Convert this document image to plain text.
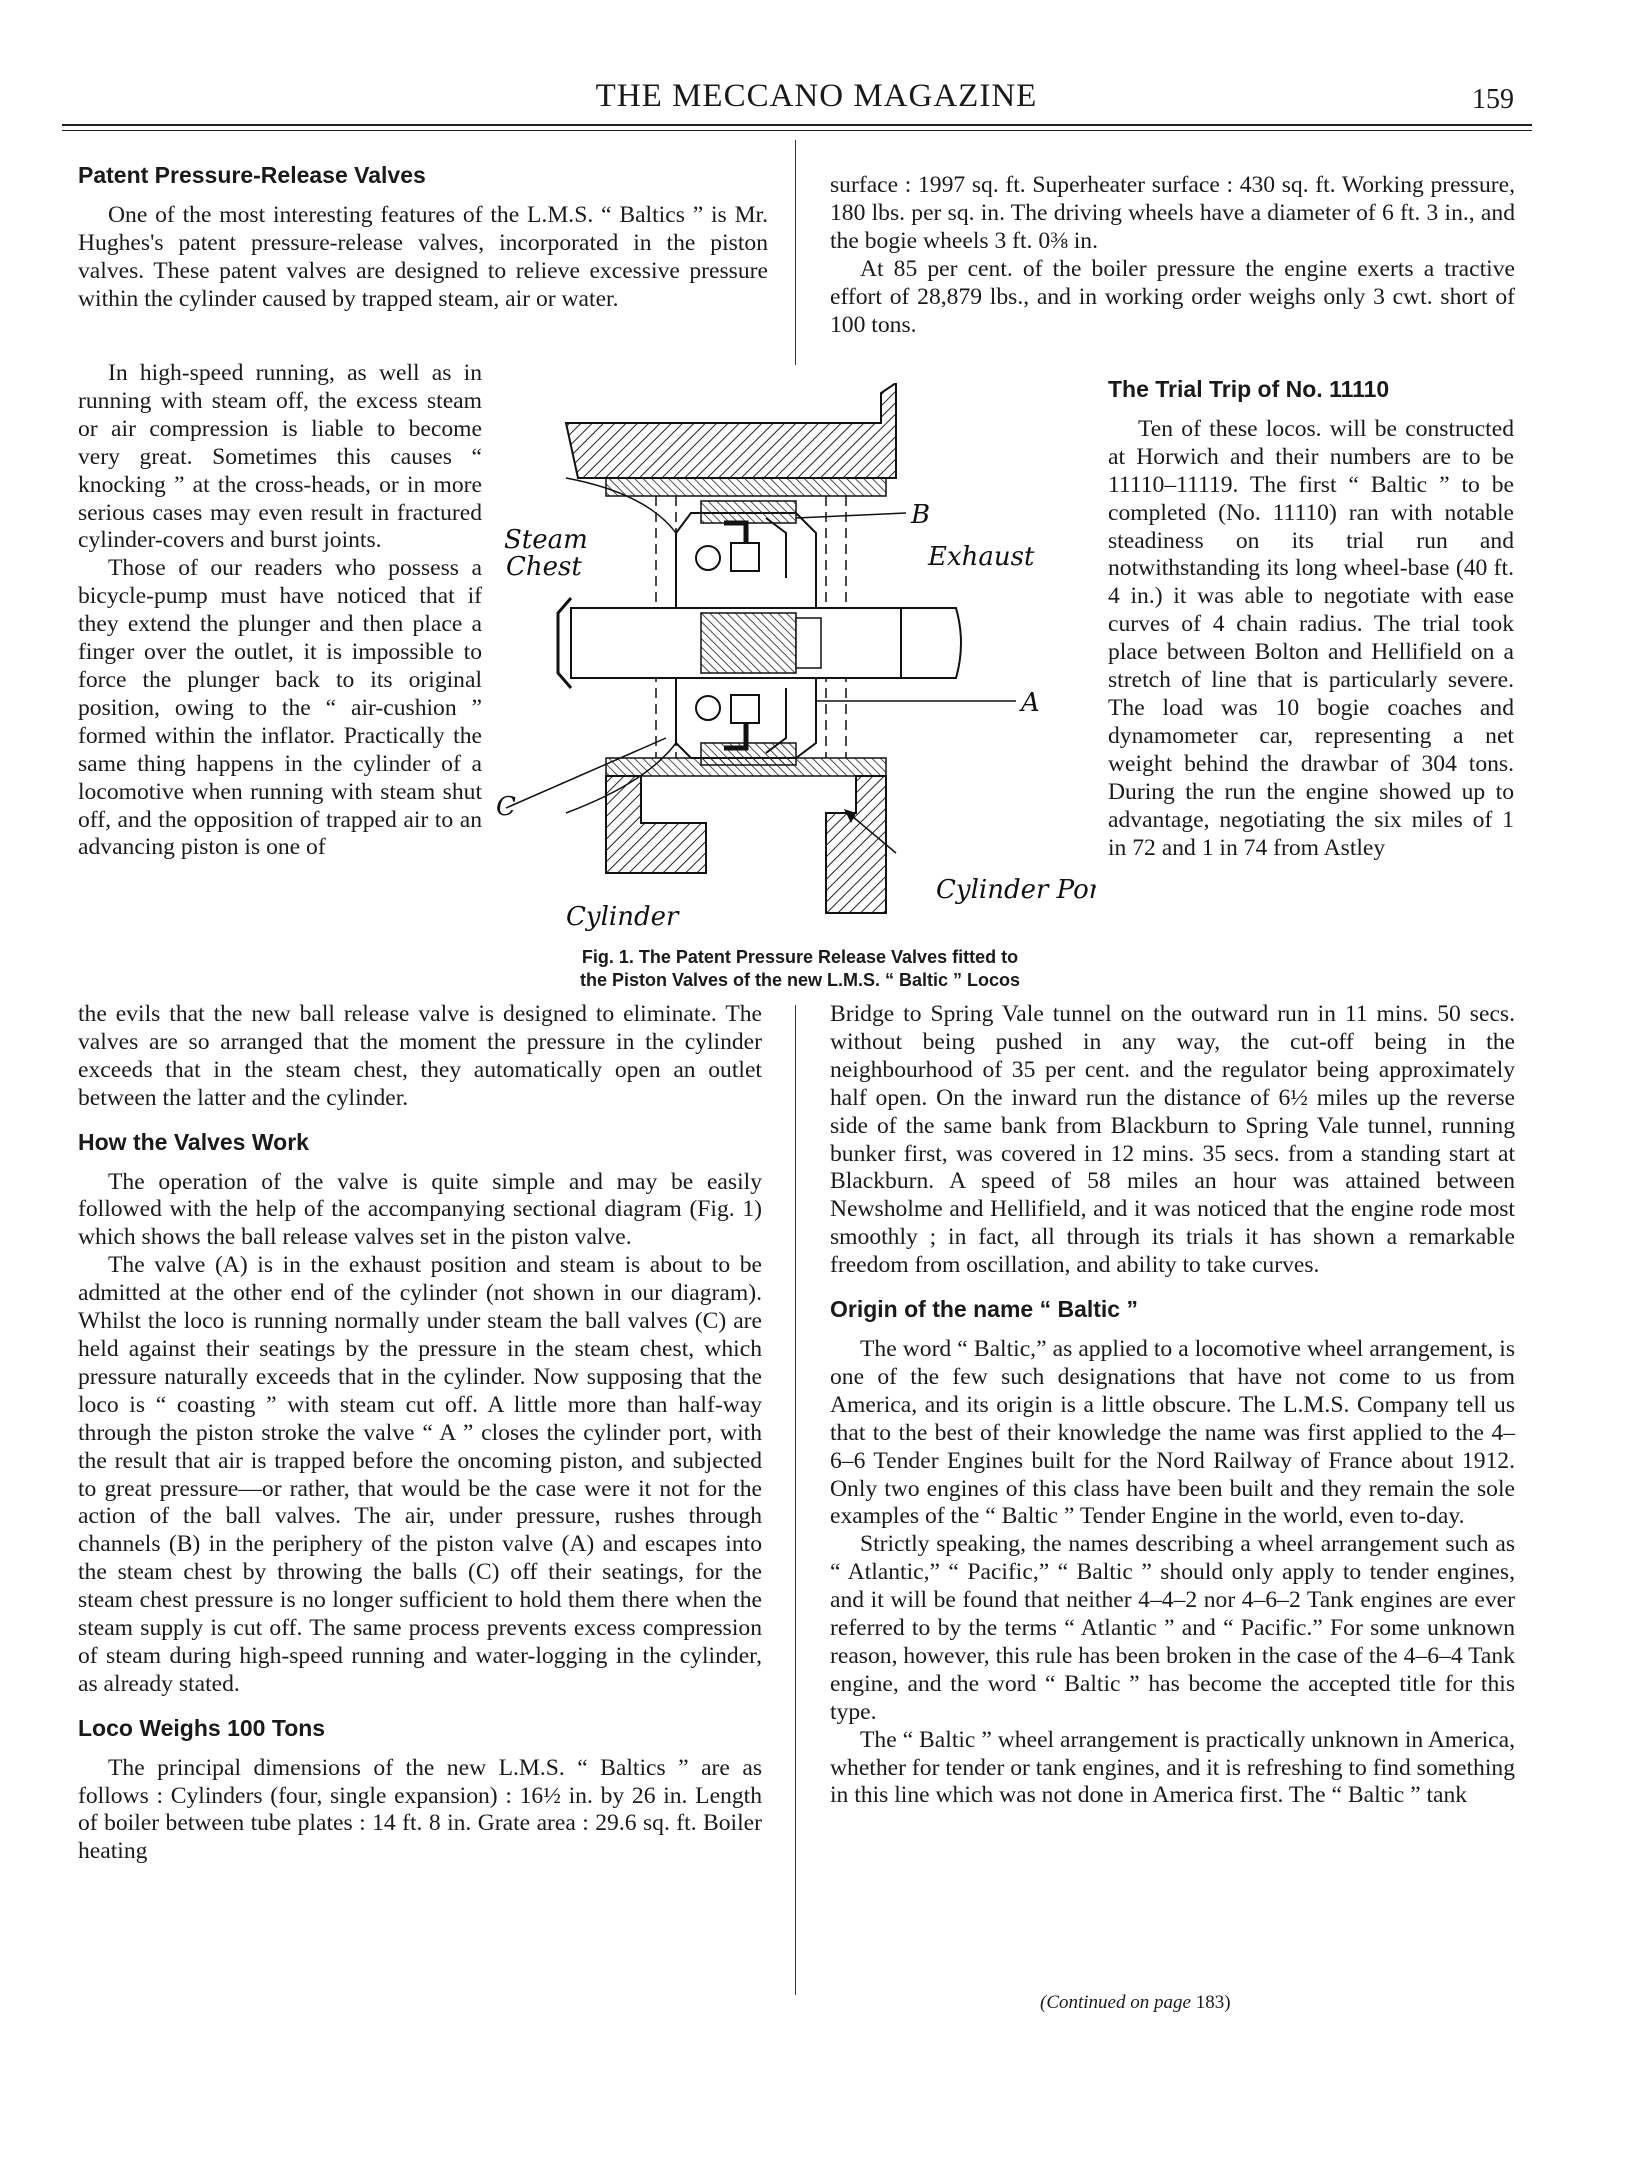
THE MECCANO MAGAZINE	159
Patent Pressure-Release Valves

One of the most interesting features of the L.M.S. “ Baltics ” is Mr. Hughes's patent pressure-release valves, incorporated in the piston valves. These patent valves are designed to relieve excessive pressure within the cylinder caused by trapped steam, air or water.

In high-speed running, as well as in running with steam off, the excess steam or air compression is liable to become very great. Sometimes this causes “ knocking ” at the cross-heads, or in more serious cases may even result in fractured cylinder-covers and burst joints.

Those of our readers who possess a bicycle-pump must have noticed that if they extend the plunger and then place a finger over the outlet, it is impossible to force the plunger back to its original position, owing to the “ air-cushion ” formed within the inflator. Practically the same thing happens in the cylinder of a locomotive when running with steam shut off, and the opposition of trapped air to an advancing piston is one of

the evils that the new ball release valve is designed to eliminate. The valves are so arranged that the moment the pressure in the cylinder exceeds that in the steam chest, they automatically open an outlet between the latter and the cylinder.

How the Valves Work

The operation of the valve is quite simple and may be easily followed with the help of the accompanying sectional diagram (Fig. 1) which shows the ball release valves set in the piston valve.

The valve (A) is in the exhaust position and steam is about to be admitted at the other end of the cylinder (not shown in our diagram). Whilst the loco is running normally under steam the ball valves (C) are held against their seatings by the pressure in the steam chest, which pressure naturally exceeds that in the cylinder. Now supposing that the loco is “ coasting ” with steam cut off. A little more than half-way through the piston stroke the valve “ A ” closes the cylinder port, with the result that air is trapped before the oncoming piston, and subjected to great pressure—or rather, that would be the case were it not for the action of the ball valves. The air, under pressure, rushes through channels (B) in the periphery of the piston valve (A) and escapes into the steam chest by throwing the balls (C) off their seatings, for the steam chest pressure is no longer sufficient to hold them there when the steam supply is cut off. The same process prevents excess compression of steam during high-speed running and water-logging in the cylinder, as already stated.

Loco Weighs 100 Tons

The principal dimensions of the new L.M.S. “ Baltics ” are as follows : Cylinders (four, single expansion) : 16½ in. by 26 in. Length of boiler between tube plates : 14 ft. 8 in. Grate area : 29.6 sq. ft. Boiler heating

surface : 1997 sq. ft. Superheater surface : 430 sq. ft. Working pressure, 180 lbs. per sq. in. The driving wheels have a diameter of 6 ft. 3 in., and the bogie wheels 3 ft. 0⅜ in.

At 85 per cent. of the boiler pressure the engine exerts a tractive effort of 28,879 lbs., and in working order weighs only 3 cwt. short of 100 tons.

The Trial Trip of No. 11110

Ten of these locos. will be constructed at Horwich and their numbers are to be 11110–11119. The first “ Baltic ” to be completed (No. 11110) ran with notable steadiness on its trial run and notwithstanding its long wheel-base (40 ft. 4 in.) it was able to negotiate with ease curves of 4 chain radius. The trial took place between Bolton and Hellifield on a stretch of line that is particularly severe. The load was 10 bogie coaches and dynamometer car, representing a net weight behind the drawbar of 304 tons. During the run the engine showed up to advantage, negotiating the six miles of 1 in 72 and 1 in 74 from Astley

Bridge to Spring Vale tunnel on the outward run in 11 mins. 50 secs. without being pushed in any way, the cut-off being in the neighbourhood of 35 per cent. and the regulator being approximately half open. On the inward run the distance of 6½ miles up the reverse side of the same bank from Blackburn to Spring Vale tunnel, running bunker first, was covered in 12 mins. 35 secs. from a standing start at Blackburn. A speed of 58 miles an hour was attained between Newsholme and Hellifield, and it was noticed that the engine rode most smoothly ; in fact, all through its trials it has shown a remarkable freedom from oscillation, and ability to take curves.

Origin of the name “ Baltic ”

The word “ Baltic,” as applied to a locomotive wheel arrangement, is one of the few such designations that have not come to us from America, and its origin is a little obscure. The L.M.S. Company tell us that to the best of their knowledge the name was first applied to the 4–6–6 Tender Engines built for the Nord Railway of France about 1912. Only two engines of this class have been built and they remain the sole examples of the “ Baltic ” Tender Engine in the world, even to-day.

Strictly speaking, the names describing a wheel arrangement such as “ Atlantic,” “ Pacific,” “ Baltic ” should only apply to tender engines, and it will be found that neither 4–4–2 nor 4–6–2 Tank engines are ever referred to by the terms “ Atlantic ” and “ Pacific.” For some unknown reason, however, this rule has been broken in the case of the 4–6–4 Tank engine, and the word “ Baltic ” has become the accepted title for this type.

The “ Baltic ” wheel arrangement is practically unknown in America, whether for tender or tank engines, and it is refreshing to find something in this line which was not done in America first. The “ Baltic ” tank

(Continued on page 183)
Steam
Chest
B
Exhaust
A
C
Cylinder Port
Cylinder
Fig. 1. The Patent Pressure Release Valves fitted to
the Piston Valves of the new L.M.S. “ Baltic ” Locos
